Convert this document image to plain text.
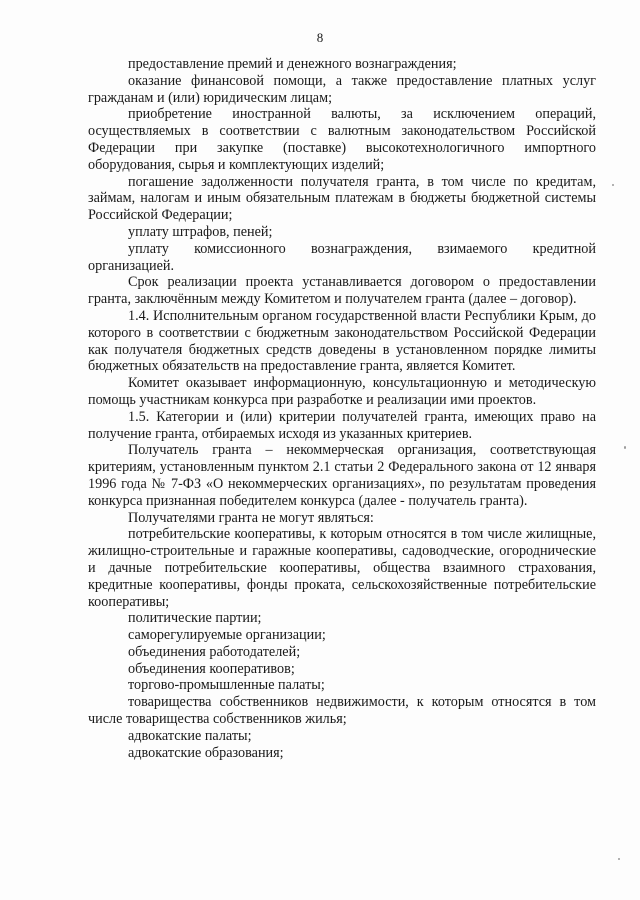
8

предоставление премий и денежного вознаграждения;

оказание финансовой помощи, а также предоставление платных услуг гражданам и (или) юридическим лицам;

приобретение иностранной валюты, за исключением операций, осуществляемых в соответствии с валютным законодательством Российской Федерации при закупке (поставке) высокотехнологичного импортного оборудования, сырья и комплектующих изделий;

погашение задолженности получателя гранта, в том числе по кредитам, займам, налогам и иным обязательным платежам в бюджеты бюджетной системы Российской Федерации;

уплату штрафов, пеней;

уплату комиссионного вознаграждения, взимаемого кредитной организацией.

Срок реализации проекта устанавливается договором о предоставлении гранта, заключённым между Комитетом и получателем гранта (далее – договор).

1.4. Исполнительным органом государственной власти Республики Крым, до которого в соответствии с бюджетным законодательством Российской Федерации как получателя бюджетных средств доведены в установленном порядке лимиты бюджетных обязательств на предоставление гранта, является Комитет.

Комитет оказывает информационную, консультационную и методическую помощь участникам конкурса при разработке и реализации ими проектов.

1.5. Категории и (или) критерии получателей гранта, имеющих право на получение гранта, отбираемых исходя из указанных критериев.

Получатель гранта – некоммерческая организация, соответствующая критериям, установленным пунктом 2.1 статьи 2 Федерального закона от 12 января 1996 года № 7-ФЗ «О некоммерческих организациях», по результатам проведения конкурса признанная победителем конкурса (далее - получатель гранта).

Получателями гранта не могут являться:

потребительские кооперативы, к которым относятся в том числе жилищные, жилищно-строительные и гаражные кооперативы, садоводческие, огороднические и дачные потребительские кооперативы, общества взаимного страхования, кредитные кооперативы, фонды проката, сельскохозяйственные потребительские кооперативы;

политические партии;

саморегулируемые организации;

объединения работодателей;

объединения кооперативов;

торгово-промышленные палаты;

товарищества собственников недвижимости, к которым относятся в том числе товарищества собственников жилья;

адвокатские палаты;

адвокатские образования;
